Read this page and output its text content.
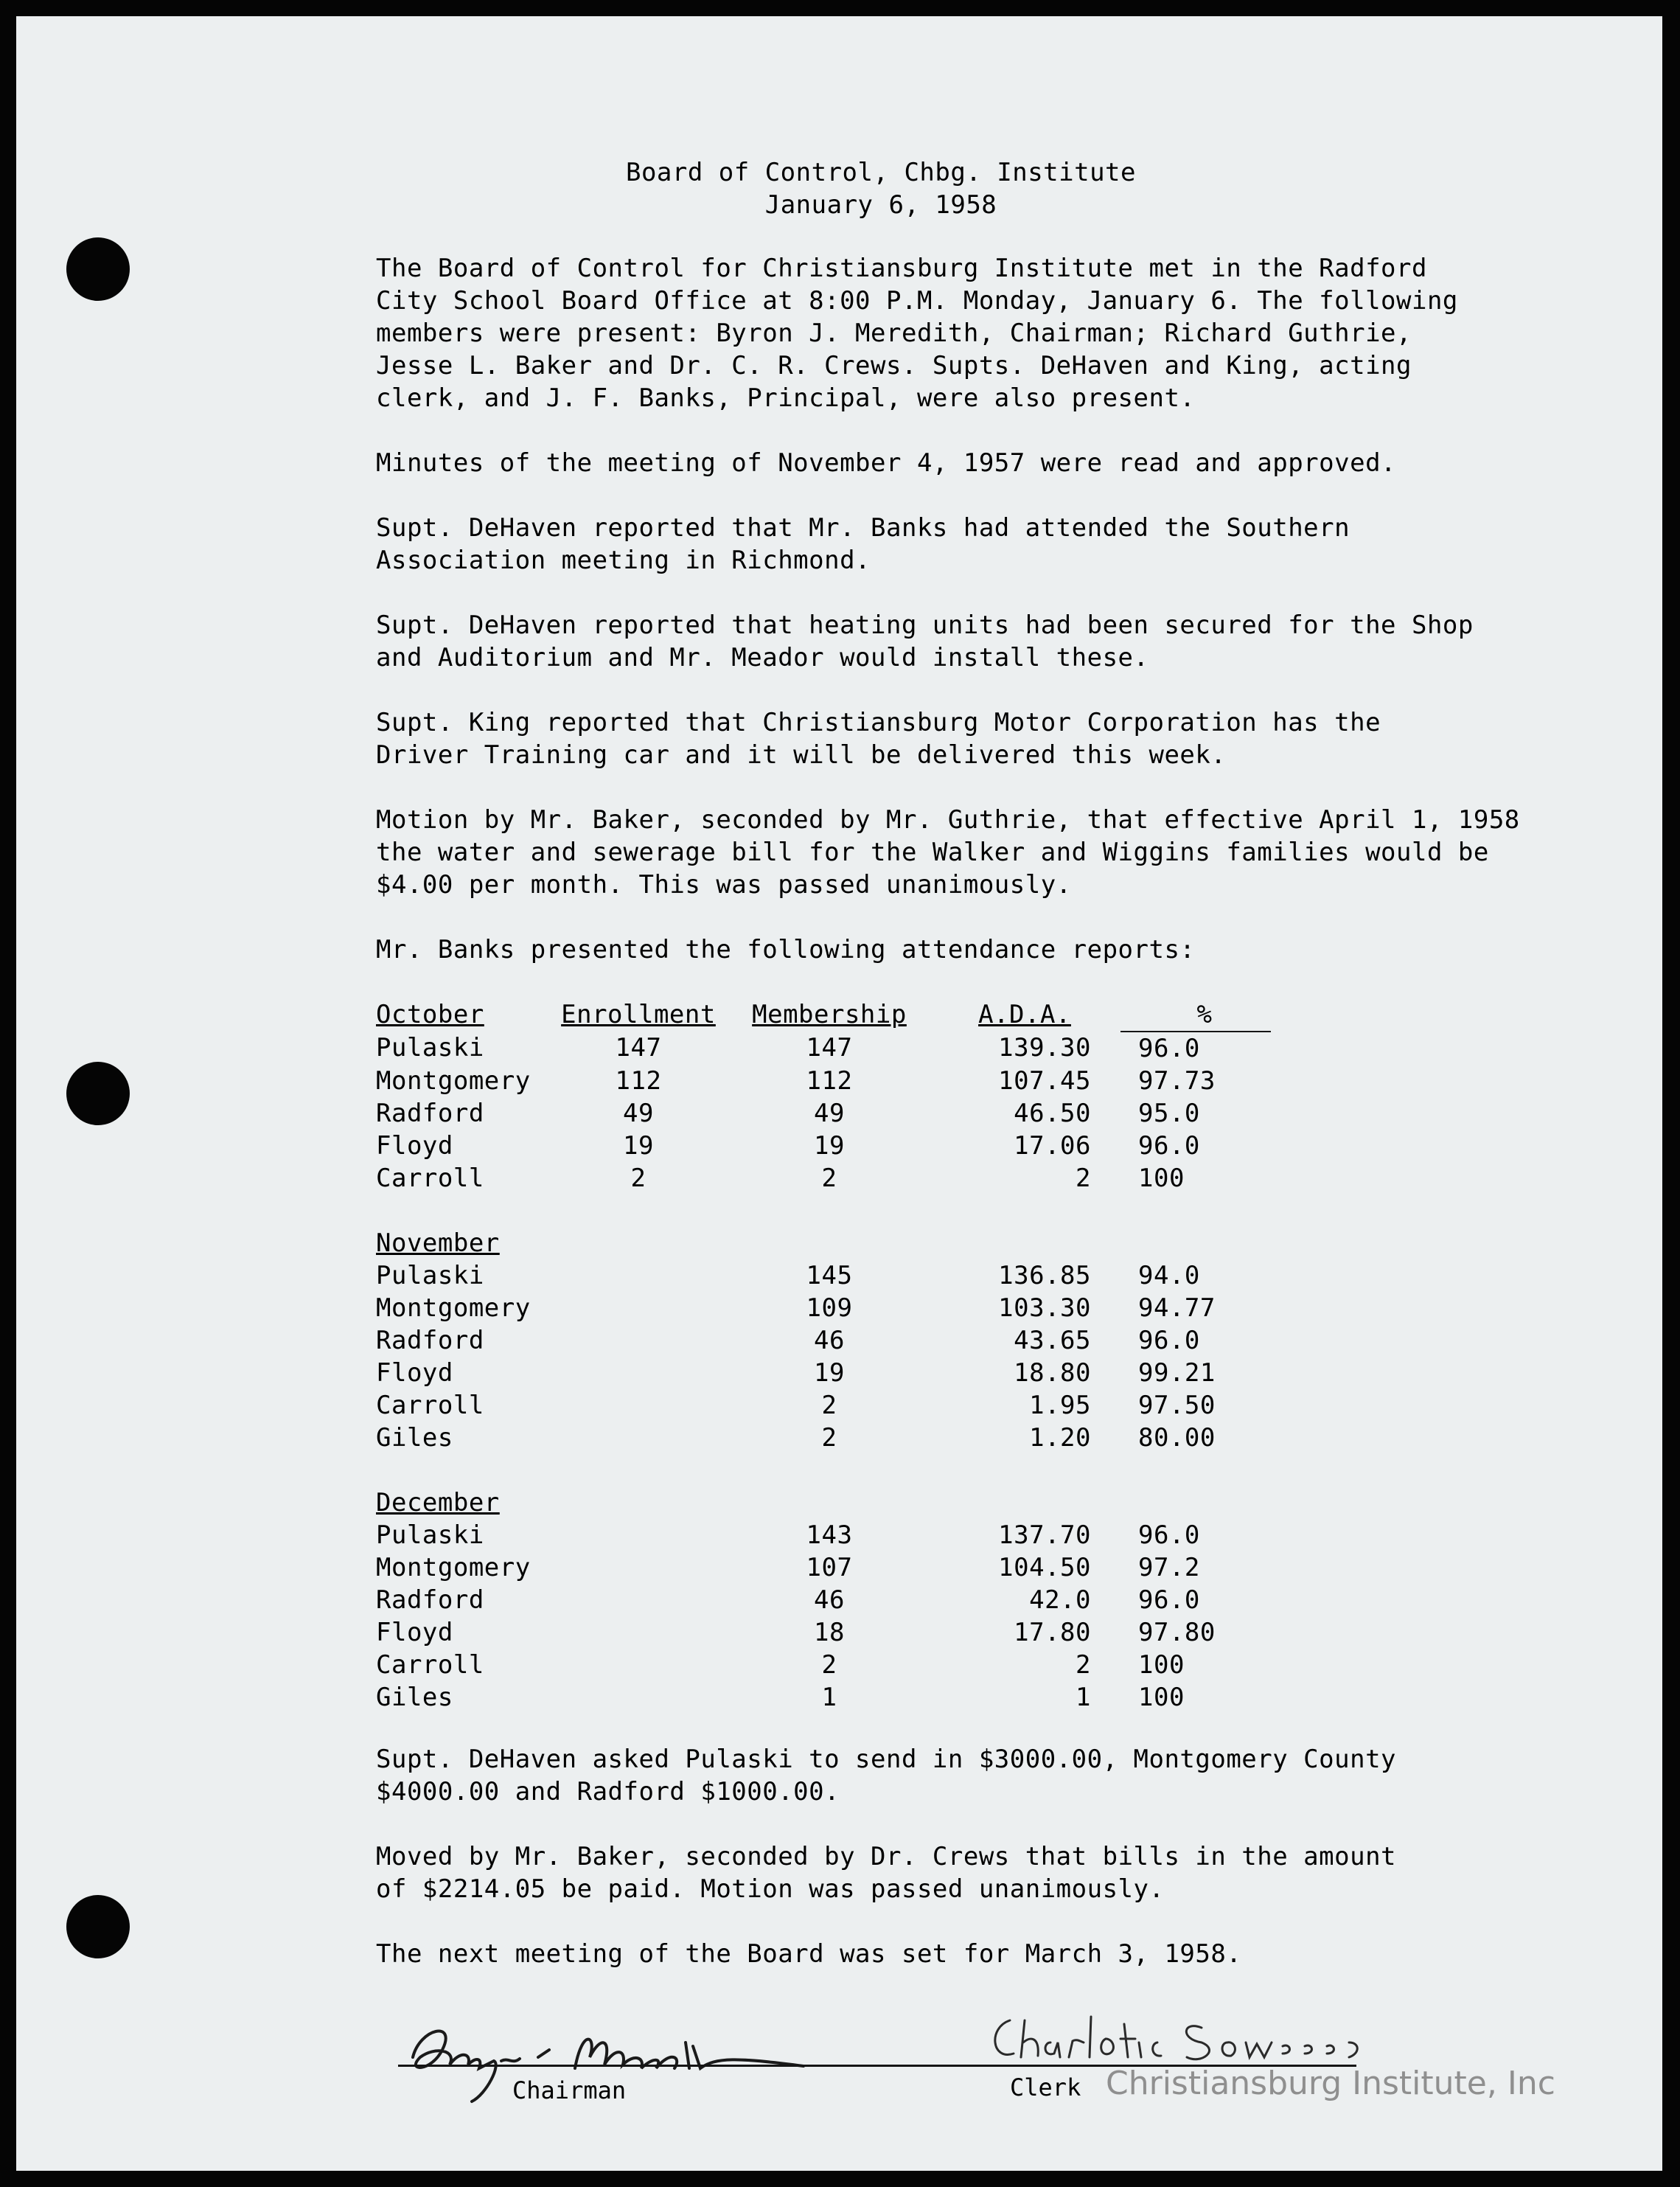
Board of Control, Chbg. Institute
January 6, 1958
The Board of Control for Christiansburg Institute met in the Radford
City School Board Office at 8:00 P.M. Monday, January 6. The following
members were present: Byron J. Meredith, Chairman; Richard Guthrie,
Jesse L. Baker and Dr. C. R. Crews. Supts. DeHaven and King, acting
clerk, and J. F. Banks, Principal, were also present.
Minutes of the meeting of November 4, 1957 were read and approved.
Supt. DeHaven reported that Mr. Banks had attended the Southern
Association meeting in Richmond.
Supt. DeHaven reported that heating units had been secured for the Shop
and Auditorium and Mr. Meador would install these.
Supt. King reported that Christiansburg Motor Corporation has the
Driver Training car and it will be delivered this week.
Motion by Mr. Baker, seconded by Mr. Guthrie, that effective April 1, 1958
the water and sewerage bill for the Walker and Wiggins families would be
$4.00 per month. This was passed unanimously.
Mr. Banks presented the following attendance reports:
October	Enrollment	Membership	A.D.A.	%
Pulaski	147	147	139.30	96.0
Montgomery	112	112	107.45	97.73
Radford	49	49	46.50	95.0
Floyd	19	19	17.06	96.0
Carroll	2	2	2	100
November				
Pulaski		145	136.85	94.0
Montgomery		109	103.30	94.77
Radford		46	43.65	96.0
Floyd		19	18.80	99.21
Carroll		2	1.95	97.50
Giles		2	1.20	80.00
December				
Pulaski		143	137.70	96.0
Montgomery		107	104.50	97.2
Radford		46	42.0	96.0
Floyd		18	17.80	97.80
Carroll		2	2	100
Giles		1	1	100
Supt. DeHaven asked Pulaski to send in $3000.00, Montgomery County
$4000.00 and Radford $1000.00.
Moved by Mr. Baker, seconded by Dr. Crews that bills in the amount
of $2214.05 be paid. Motion was passed unanimously.
The next meeting of the Board was set for March 3, 1958.
Chairman	Clerk Christiansburg Institute, Inc
